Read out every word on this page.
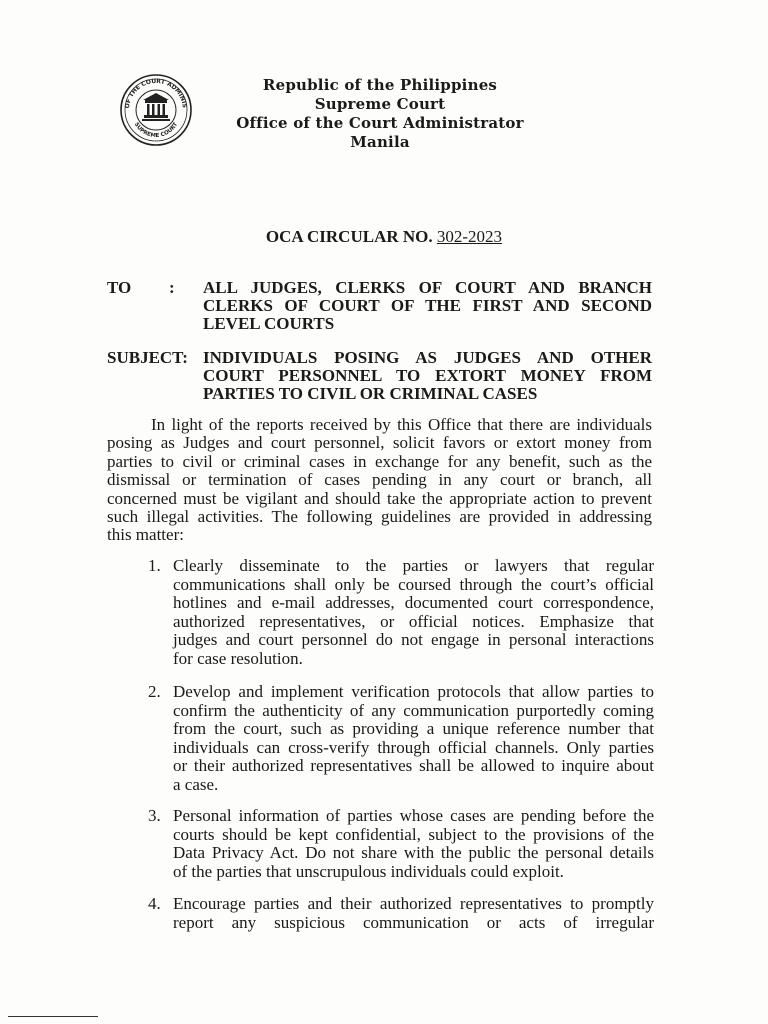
OF THE COURT ADMINIS
SUPREME COURT
Republic of the Philippines
Supreme Court
Office of the Court Administrator
Manila
OCA CIRCULAR NO. 302-2023
TO : ALL JUDGES, CLERKS OF COURT AND BRANCH
CLERKS OF COURT OF THE FIRST AND SECOND
LEVEL COURTS
SUBJECT: INDIVIDUALS POSING AS JUDGES AND OTHER
COURT PERSONNEL TO EXTORT MONEY FROM
PARTIES TO CIVIL OR CRIMINAL CASES
In light of the reports received by this Office that there are individuals
posing as Judges and court personnel, solicit favors or extort money from
parties to civil or criminal cases in exchange for any benefit, such as the
dismissal or termination of cases pending in any court or branch, all
concerned must be vigilant and should take the appropriate action to prevent
such illegal activities. The following guidelines are provided in addressing
this matter:
1. Clearly disseminate to the parties or lawyers that regular
communications shall only be coursed through the court’s official
hotlines and e-mail addresses, documented court correspondence,
authorized representatives, or official notices. Emphasize that
judges and court personnel do not engage in personal interactions
for case resolution.
2. Develop and implement verification protocols that allow parties to
confirm the authenticity of any communication purportedly coming
from the court, such as providing a unique reference number that
individuals can cross-verify through official channels. Only parties
or their authorized representatives shall be allowed to inquire about
a case.
3. Personal information of parties whose cases are pending before the
courts should be kept confidential, subject to the provisions of the
Data Privacy Act. Do not share with the public the personal details
of the parties that unscrupulous individuals could exploit.
4. Encourage parties and their authorized representatives to promptly
report any suspicious communication or acts of irregular
